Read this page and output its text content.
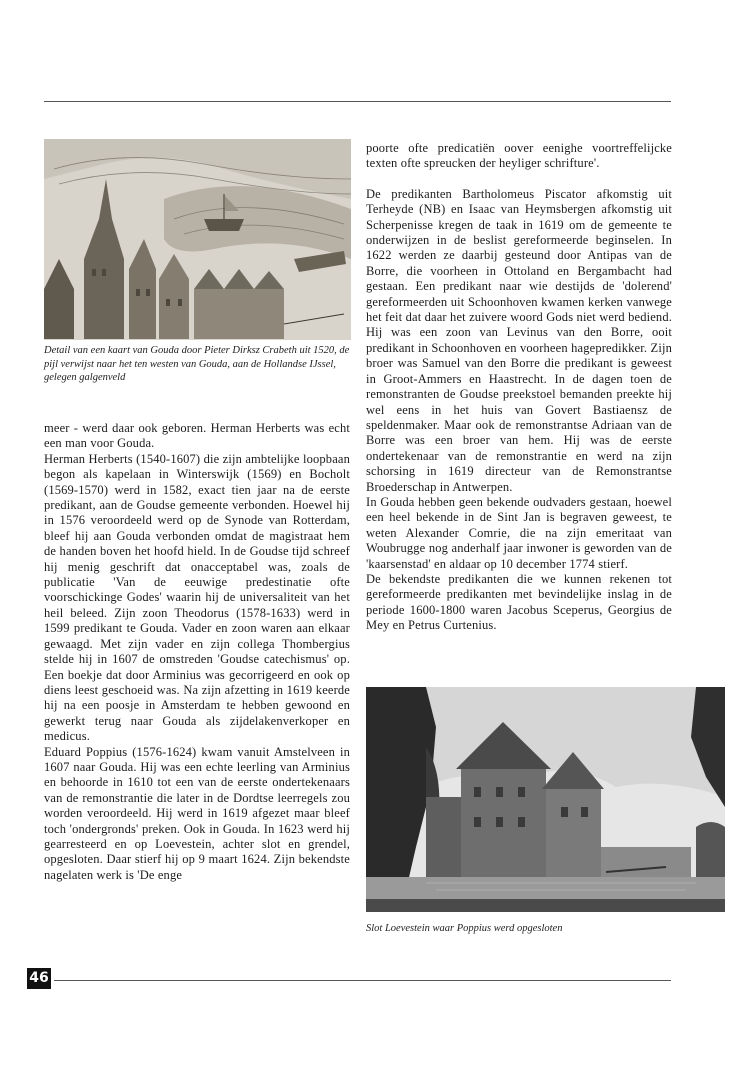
Detail van een kaart van Gouda door Pieter Dirksz Crabeth uit 1520, de pijl verwijst naar het ten westen van Gouda, aan de Hollandse IJssel, gelegen galgenveld

meer - werd daar ook geboren. Herman Herberts was echt een man voor Gouda.

Herman Herberts (1540-1607) die zijn ambtelijke loopbaan begon als kapelaan in Winterswijk (1569) en Bocholt (1569-1570) werd in 1582, exact tien jaar na de eerste predikant, aan de Goudse gemeente verbonden. Hoewel hij in 1576 veroordeeld werd op de Synode van Rotterdam, bleef hij aan Gouda verbonden omdat de magistraat hem de handen boven het hoofd hield. In de Goudse tijd schreef hij menig geschrift dat onacceptabel was, zoals de publicatie 'Van de eeuwige predestinatie ofte voorschickinge Godes' waarin hij de universaliteit van het heil beleed. Zijn zoon Theodorus (1578-1633) werd in 1599 predikant te Gouda. Vader en zoon waren aan elkaar gewaagd. Met zijn vader en zijn collega Thombergius stelde hij in 1607 de omstreden 'Goudse catechismus' op. Een boekje dat door Arminius was gecorrigeerd en ook op diens leest geschoeid was. Na zijn afzetting in 1619 keerde hij na een poosje in Amsterdam te hebben gewoond en gewerkt terug naar Gouda als zijdelakenverkoper en medicus.

Eduard Poppius (1576-1624) kwam vanuit Amstelveen in 1607 naar Gouda. Hij was een echte leerling van Arminius en behoorde in 1610 tot een van de eerste ondertekenaars van de remonstrantie die later in de Dordtse leerregels zou worden veroordeeld. Hij werd in 1619 afgezet maar bleef toch 'ondergronds' preken. Ook in Gouda. In 1623 werd hij gearresteerd en op Loevestein, achter slot en grendel, opgesloten. Daar stierf hij op 9 maart 1624. Zijn bekendste nagelaten werk is 'De enge

poorte ofte predicatiën oover eenighe voortreffelijcke texten ofte spreucken der heyliger schrifture'.

De predikanten Bartholomeus Piscator afkomstig uit Terheyde (NB) en Isaac van Heymsbergen afkomstig uit Scherpenisse kregen de taak in 1619 om de gemeente te onderwijzen in de beslist gereformeerde beginselen. In 1622 werden ze daarbij gesteund door Antipas van de Borre, die voorheen in Ottoland en Bergambacht had gestaan. Een predikant naar wie destijds de 'dolerend' gereformeerden uit Schoonhoven kwamen kerken vanwege het feit dat daar het zuivere woord Gods niet werd bediend. Hij was een zoon van Levinus van den Borre, ooit predikant in Schoonhoven en voorheen hagepredikker. Zijn broer was Samuel van den Borre die predikant is geweest in Groot-Ammers en Haastrecht. In de dagen toen de remonstranten de Goudse preekstoel bemanden preekte hij wel eens in het huis van Govert Bastiaensz de speldenmaker. Maar ook de remonstrantse Adriaan van de Borre was een broer van hem. Hij was de eerste ondertekenaar van de remonstrantie en werd na zijn schorsing in 1619 directeur van de Remonstrantse Broederschap in Antwerpen.

In Gouda hebben geen bekende oudvaders gestaan, hoewel een heel bekende in de Sint Jan is begraven geweest, te weten Alexander Comrie, die na zijn emeritaat van Woubrugge nog anderhalf jaar inwoner is geworden van de 'kaarsenstad' en aldaar op 10 december 1774 stierf.

De bekendste predikanten die we kunnen rekenen tot gereformeerde predikanten met bevindelijke inslag in de periode 1600-1800 waren Jacobus Sceperus, Georgius de Mey en Petrus Curtenius.

Slot Loevestein waar Poppius werd opgesloten
46
